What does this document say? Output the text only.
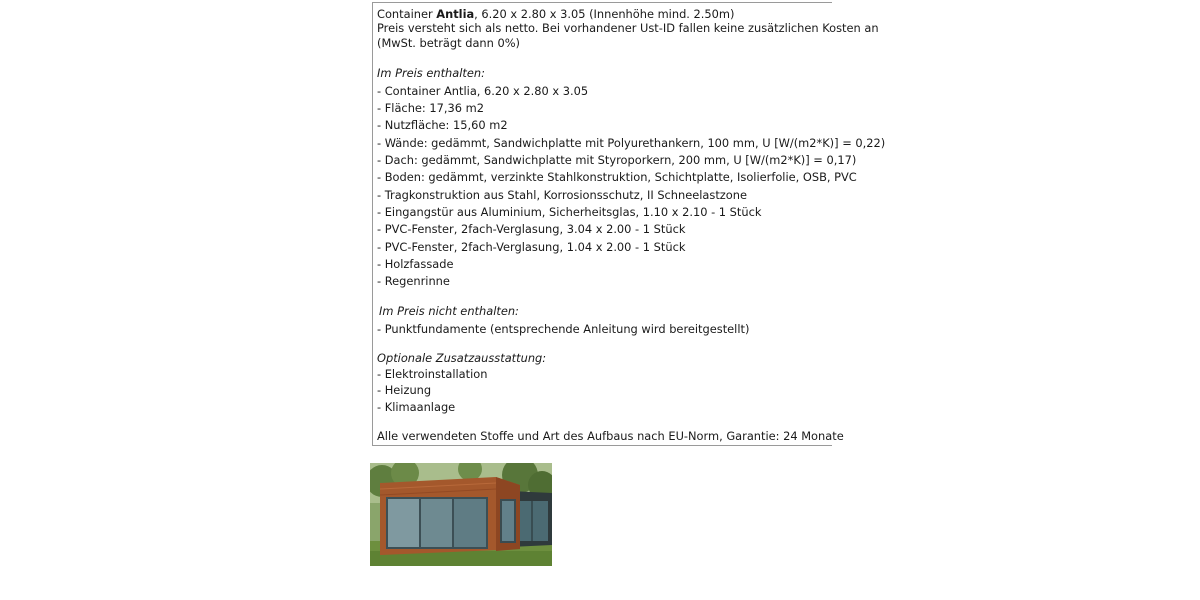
Container Antlia, 6.20 x 2.80 x 3.05 (Innenhöhe mind. 2.50m)
Preis versteht sich als netto. Bei vorhandener Ust-ID fallen keine zusätzlichen Kosten an
(MwSt. beträgt dann 0%)
Im Preis enthalten:
- Container Antlia, 6.20 x 2.80 x 3.05
- Fläche: 17,36 m2
- Nutzfläche: 15,60 m2
- Wände: gedämmt, Sandwichplatte mit Polyurethankern, 100 mm, U [W/(m2*K)] = 0,22)
- Dach: gedämmt, Sandwichplatte mit Styroporkern, 200 mm, U [W/(m2*K)] = 0,17)
- Boden: gedämmt, verzinkte Stahlkonstruktion, Schichtplatte, Isolierfolie, OSB, PVC
- Tragkonstruktion aus Stahl, Korrosionsschutz, II Schneelastzone
- Eingangstür aus Aluminium, Sicherheitsglas, 1.10 x 2.10 - 1 Stück
- PVC-Fenster, 2fach-Verglasung, 3.04 x 2.00 - 1 Stück
- PVC-Fenster, 2fach-Verglasung, 1.04 x 2.00 - 1 Stück
- Holzfassade
- Regenrinne
Im Preis nicht enthalten:
- Punktfundamente (entsprechende Anleitung wird bereitgestellt)
Optionale Zusatzausstattung:
- Elektroinstallation
- Heizung
- Klimaanlage
Alle verwendeten Stoffe und Art des Aufbaus nach EU-Norm, Garantie: 24 Monate
